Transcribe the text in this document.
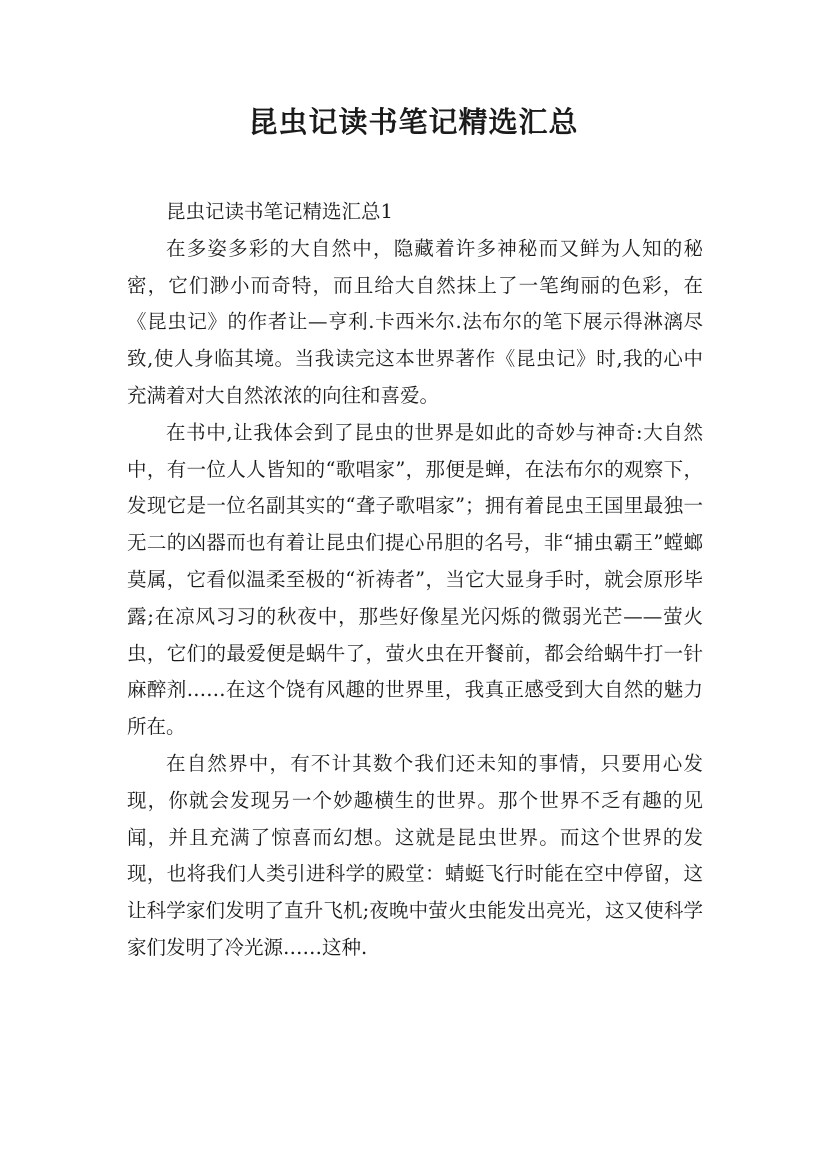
昆虫记读书笔记精选汇总

昆虫记读书笔记精选汇总1

在多姿多彩的大自然中，隐藏着许多神秘而又鲜为人知的秘密，它们渺小而奇特，而且给大自然抹上了一笔绚丽的色彩，在《昆虫记》的作者让—亨利.卡西米尔.法布尔的笔下展示得淋漓尽致,使人身临其境。当我读完这本世界著作《昆虫记》时,我的心中充满着对大自然浓浓的向往和喜爱。

在书中,让我体会到了昆虫的世界是如此的奇妙与神奇:大自然中，有一位人人皆知的“歌唱家”，那便是蝉，在法布尔的观察下，发现它是一位名副其实的“聋子歌唱家”；拥有着昆虫王国里最独一无二的凶器而也有着让昆虫们提心吊胆的名号，非“捕虫霸王”螳螂莫属，它看似温柔至极的“祈祷者”，当它大显身手时，就会原形毕露;在凉风习习的秋夜中，那些好像星光闪烁的微弱光芒——萤火虫，它们的最爱便是蜗牛了，萤火虫在开餐前，都会给蜗牛打一针麻醉剂……在这个饶有风趣的世界里，我真正感受到大自然的魅力所在。

在自然界中，有不计其数个我们还未知的事情，只要用心发现，你就会发现另一个妙趣横生的世界。那个世界不乏有趣的见闻，并且充满了惊喜而幻想。这就是昆虫世界。而这个世界的发现，也将我们人类引进科学的殿堂：蜻蜓飞行时能在空中停留，这让科学家们发明了直升飞机;夜晚中萤火虫能发出亮光，这又使科学家们发明了冷光源……这种.
